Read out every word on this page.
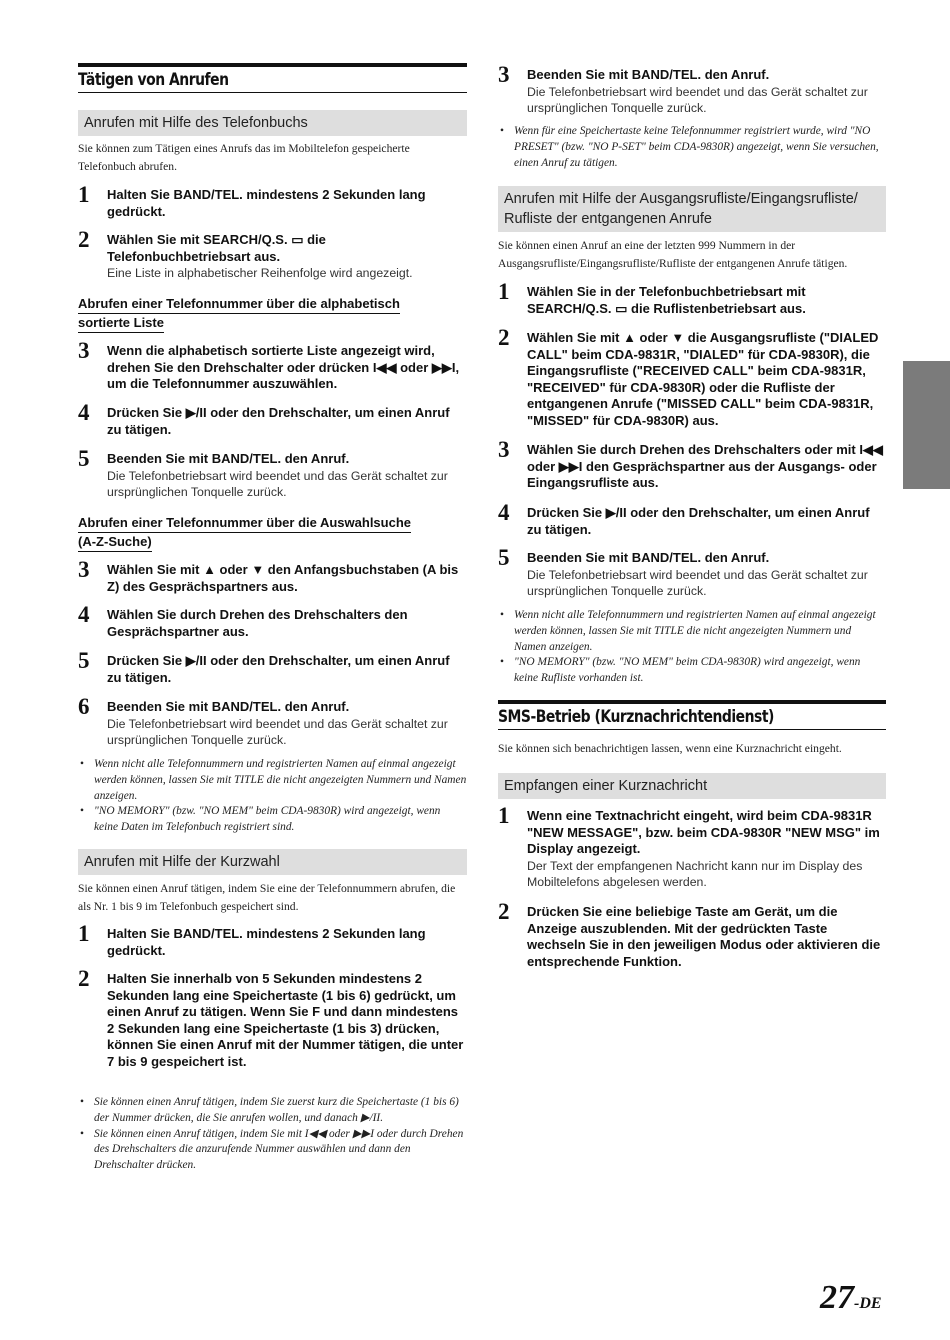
Tätigen von Anrufen
Anrufen mit Hilfe des Telefonbuchs
Sie können zum Tätigen eines Anrufs das im Mobiltelefon gespeicherte Telefonbuch abrufen.
1 Halten Sie BAND/TEL. mindestens 2 Sekunden lang gedrückt.
2 Wählen Sie mit SEARCH/Q.S. ▭ die Telefonbuchbetriebsart aus.
Eine Liste in alphabetischer Reihenfolge wird angezeigt.
Abrufen einer Telefonnummer über die alphabetisch
sortierte Liste
3 Wenn die alphabetisch sortierte Liste angezeigt wird, drehen Sie den Drehschalter oder drücken I◀◀ oder ▶▶I, um die Telefonnummer auszuwählen.
4 Drücken Sie ▶/II oder den Drehschalter, um einen Anruf zu tätigen.
5 Beenden Sie mit BAND/TEL. den Anruf.
Die Telefonbetriebsart wird beendet und das Gerät schaltet zur ursprünglichen Tonquelle zurück.
Abrufen einer Telefonnummer über die Auswahlsuche
(A-Z-Suche)
3 Wählen Sie mit ▲ oder ▼ den Anfangsbuchstaben (A bis Z) des Gesprächspartners aus.
4 Wählen Sie durch Drehen des Drehschalters den Gesprächspartner aus.
5 Drücken Sie ▶/II oder den Drehschalter, um einen Anruf zu tätigen.
6 Beenden Sie mit BAND/TEL. den Anruf.
Die Telefonbetriebsart wird beendet und das Gerät schaltet zur ursprünglichen Tonquelle zurück.
• Wenn nicht alle Telefonnummern und registrierten Namen auf einmal angezeigt werden können, lassen Sie mit TITLE die nicht angezeigten Nummern und Namen anzeigen.
• "NO MEMORY" (bzw. "NO MEM" beim CDA-9830R) wird angezeigt, wenn keine Daten im Telefonbuch registriert sind.
Anrufen mit Hilfe der Kurzwahl
Sie können einen Anruf tätigen, indem Sie eine der Telefonnummern abrufen, die als Nr. 1 bis 9 im Telefonbuch gespeichert sind.
1 Halten Sie BAND/TEL. mindestens 2 Sekunden lang gedrückt.
2 Halten Sie innerhalb von 5 Sekunden mindestens 2 Sekunden lang eine Speichertaste (1 bis 6) gedrückt, um einen Anruf zu tätigen. Wenn Sie F und dann mindestens 2 Sekunden lang eine Speichertaste (1 bis 3) drücken, können Sie einen Anruf mit der Nummer tätigen, die unter 7 bis 9 gespeichert ist.
• Sie können einen Anruf tätigen, indem Sie zuerst kurz die Speichertaste (1 bis 6) der Nummer drücken, die Sie anrufen wollen, und danach ▶/II.
• Sie können einen Anruf tätigen, indem Sie mit I◀◀ oder ▶▶I oder durch Drehen des Drehschalters die anzurufende Nummer auswählen und dann den Drehschalter drücken.
3 Beenden Sie mit BAND/TEL. den Anruf.
Die Telefonbetriebsart wird beendet und das Gerät schaltet zur ursprünglichen Tonquelle zurück.
• Wenn für eine Speichertaste keine Telefonnummer registriert wurde, wird "NO PRESET" (bzw. "NO P-SET" beim CDA-9830R) angezeigt, wenn Sie versuchen, einen Anruf zu tätigen.
Anrufen mit Hilfe der Ausgangsrufliste/Eingangsrufliste/ Rufliste der entgangenen Anrufe
Sie können einen Anruf an eine der letzten 999 Nummern in der Ausgangsrufliste/Eingangsrufliste/Rufliste der entgangenen Anrufe tätigen.
1 Wählen Sie in der Telefonbuchbetriebsart mit SEARCH/Q.S. ▭ die Ruflistenbetriebsart aus.
2 Wählen Sie mit ▲ oder ▼ die Ausgangsrufliste ("DIALED CALL" beim CDA-9831R, "DIALED" für CDA-9830R), die Eingangsrufliste ("RECEIVED CALL" beim CDA-9831R, "RECEIVED" für CDA-9830R) oder die Rufliste der entgangenen Anrufe ("MISSED CALL" beim CDA-9831R, "MISSED" für CDA-9830R) aus.
3 Wählen Sie durch Drehen des Drehschalters oder mit I◀◀ oder ▶▶I den Gesprächspartner aus der Ausgangs- oder Eingangsrufliste aus.
4 Drücken Sie ▶/II oder den Drehschalter, um einen Anruf zu tätigen.
5 Beenden Sie mit BAND/TEL. den Anruf.
Die Telefonbetriebsart wird beendet und das Gerät schaltet zur ursprünglichen Tonquelle zurück.
• Wenn nicht alle Telefonnummern und registrierten Namen auf einmal angezeigt werden können, lassen Sie mit TITLE die nicht angezeigten Nummern und Namen anzeigen.
• "NO MEMORY" (bzw. "NO MEM" beim CDA-9830R) wird angezeigt, wenn keine Rufliste vorhanden ist.
SMS-Betrieb (Kurznachrichtendienst)
Sie können sich benachrichtigen lassen, wenn eine Kurznachricht eingeht.
Empfangen einer Kurznachricht
1 Wenn eine Textnachricht eingeht, wird beim CDA-9831R "NEW MESSAGE", bzw. beim CDA-9830R "NEW MSG" im Display angezeigt.
Der Text der empfangenen Nachricht kann nur im Display des Mobiltelefons abgelesen werden.
2 Drücken Sie eine beliebige Taste am Gerät, um die Anzeige auszublenden. Mit der gedrückten Taste wechseln Sie in den jeweiligen Modus oder aktivieren die entsprechende Funktion.
27-DE
